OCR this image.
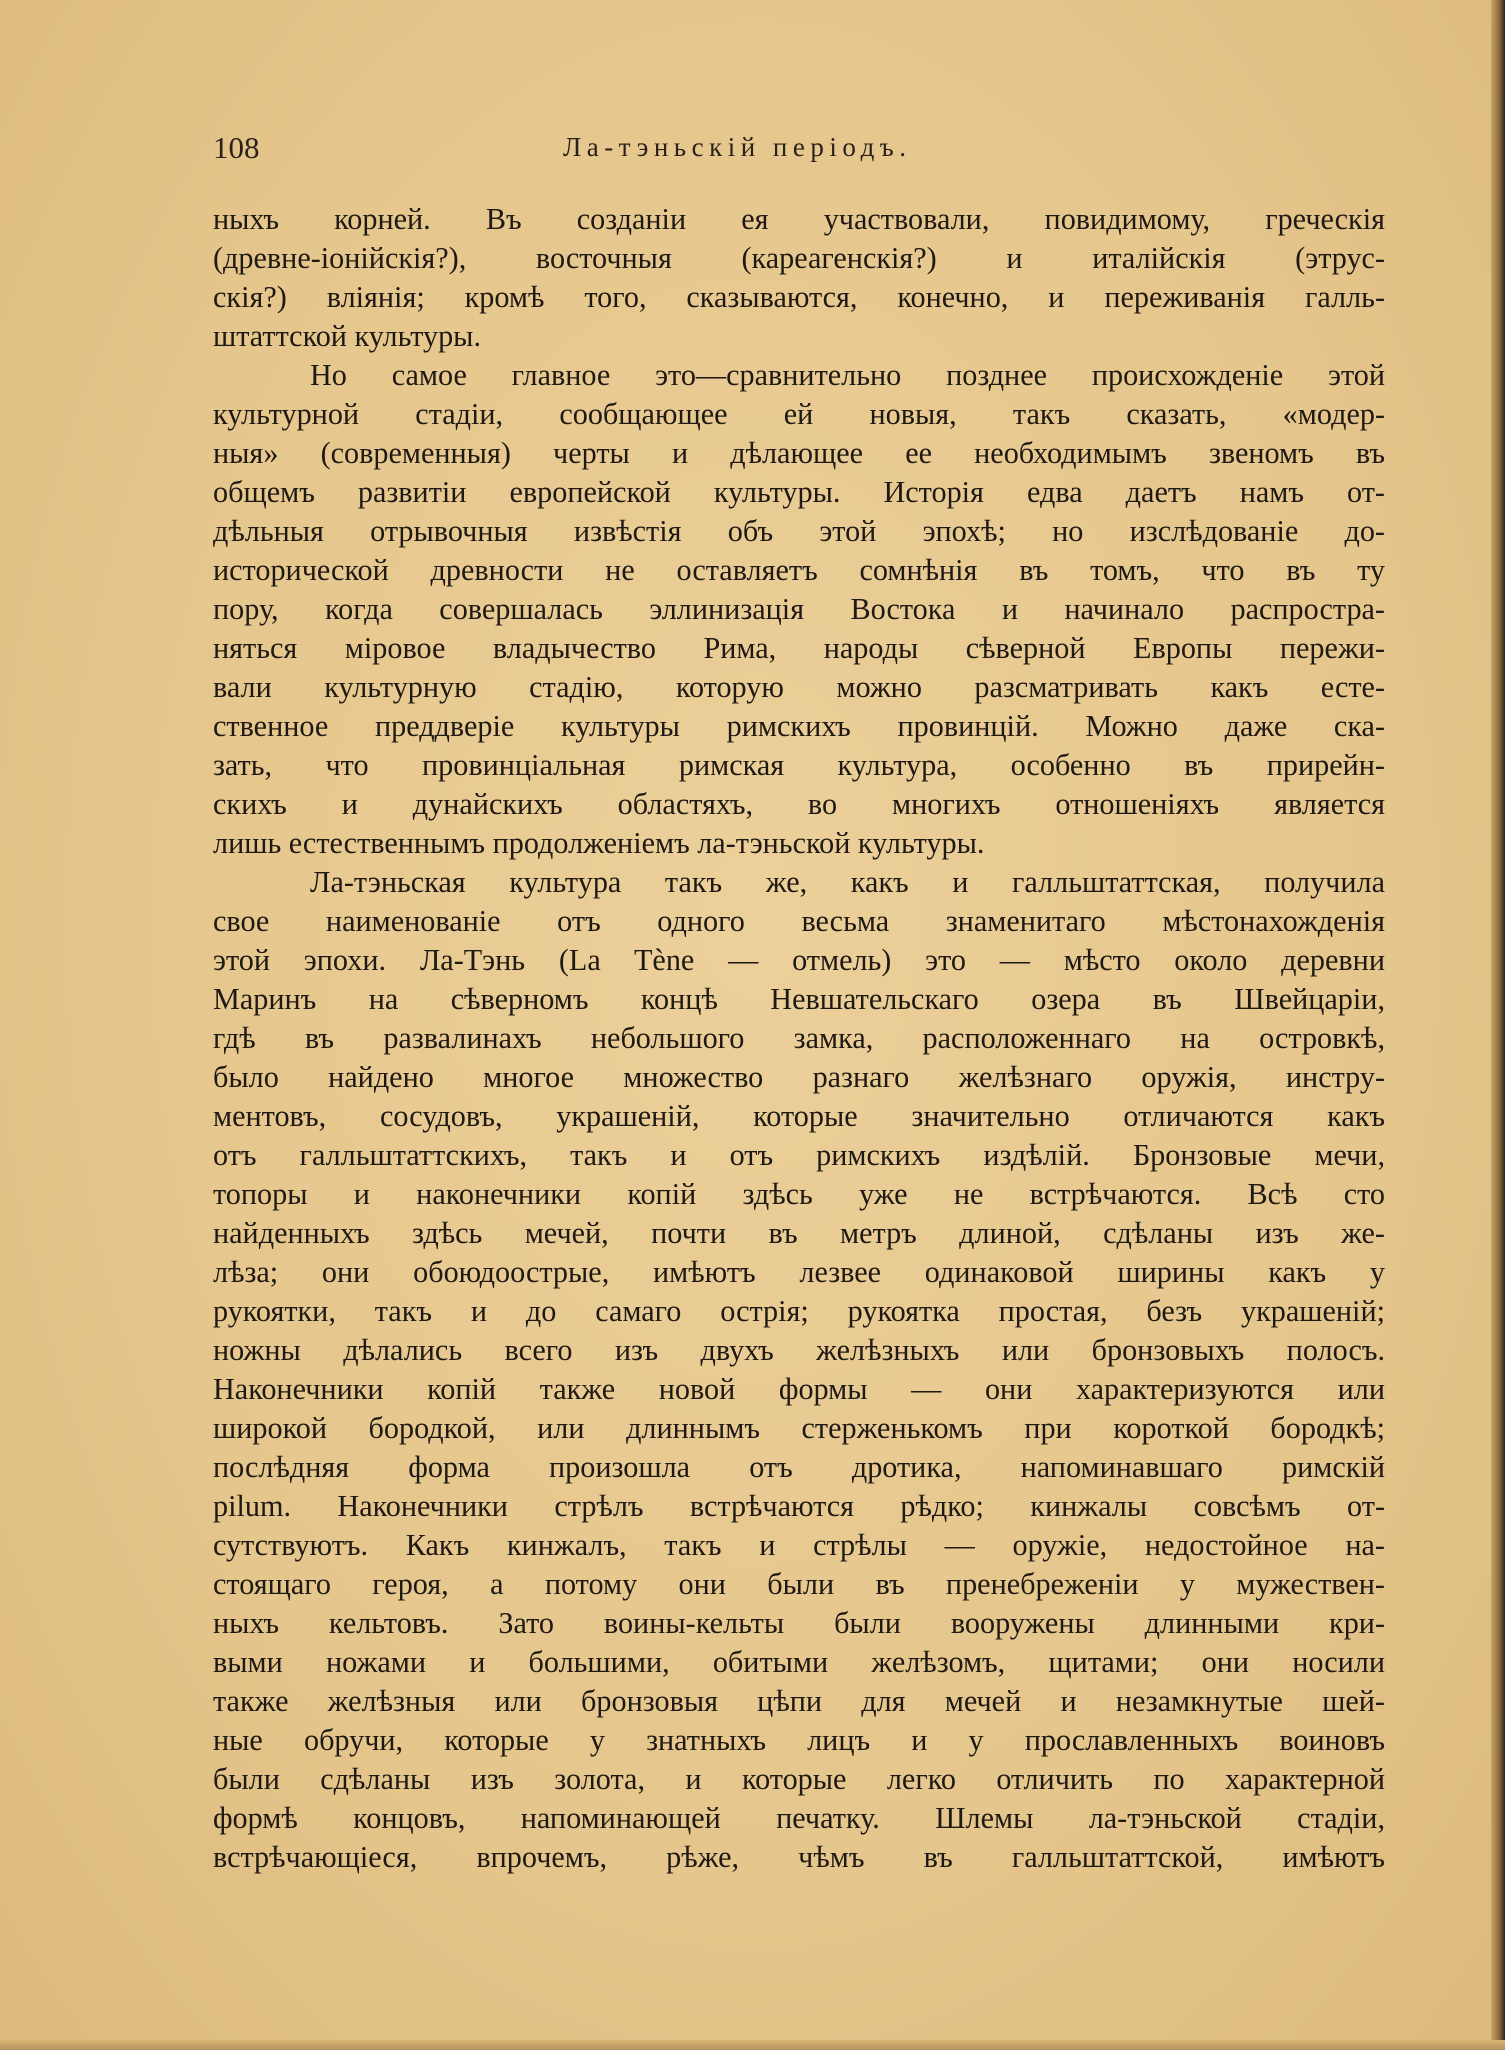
108	Ла-тэньскій періодъ.
ныхъ корней. Въ созданіи ея участвовали, повидимому, греческія
(древне-іонійскія?), восточныя (кареагенскія?) и италійскія (этрус-
скія?) вліянія; кромѣ того, сказываются, конечно, и переживанія галль-
штаттской культуры.
Но самое главное это—сравнительно позднее происхожденіе этой
культурной стадіи, сообщающее ей новыя, такъ сказать, «модер-
ныя» (современныя) черты и дѣлающее ее необходимымъ звеномъ въ
общемъ развитіи европейской культуры. Исторія едва даетъ намъ от-
дѣльныя отрывочныя извѣстія объ этой эпохѣ; но изслѣдованіе до-
исторической древности не оставляетъ сомнѣнія въ томъ, что въ ту
пору, когда совершалась эллинизація Востока и начинало распростра-
няться міровое владычество Рима, народы сѣверной Европы пережи-
вали культурную стадію, которую можно разсматривать какъ есте-
ственное преддверіе культуры римскихъ провинцій. Можно даже ска-
зать, что провинціальная римская культура, особенно въ прирейн-
скихъ и дунайскихъ областяхъ, во многихъ отношеніяхъ является
лишь естественнымъ продолженіемъ ла-тэньской культуры.
Ла-тэньская культура такъ же, какъ и галльштаттская, получила
свое наименованіе отъ одного весьма знаменитаго мѣстонахожденія
этой эпохи. Ла-Тэнь (La Tène — отмель) это — мѣсто около деревни
Маринъ на сѣверномъ концѣ Невшательскаго озера въ Швейцаріи,
гдѣ въ развалинахъ небольшого замка, расположеннаго на островкѣ,
было найдено многое множество разнаго желѣзнаго оружія, инстру-
ментовъ, сосудовъ, украшеній, которые значительно отличаются какъ
отъ галльштаттскихъ, такъ и отъ римскихъ издѣлій. Бронзовые мечи,
топоры и наконечники копій здѣсь уже не встрѣчаются. Всѣ сто
найденныхъ здѣсь мечей, почти въ метръ длиной, сдѣланы изъ же-
лѣза; они обоюдоострые, имѣютъ лезвее одинаковой ширины какъ у
рукоятки, такъ и до самаго острія; рукоятка простая, безъ украшеній;
ножны дѣлались всего изъ двухъ желѣзныхъ или бронзовыхъ полосъ.
Наконечники копій также новой формы — они характеризуются или
широкой бородкой, или длиннымъ стерженькомъ при короткой бородкѣ;
послѣдняя форма произошла отъ дротика, напоминавшаго римскій
pilum. Наконечники стрѣлъ встрѣчаются рѣдко; кинжалы совсѣмъ от-
сутствуютъ. Какъ кинжалъ, такъ и стрѣлы — оружіе, недостойное на-
стоящаго героя, а потому они были въ пренебреженіи у мужествен-
ныхъ кельтовъ. Зато воины-кельты были вооружены длинными кри-
выми ножами и большими, обитыми желѣзомъ, щитами; они носили
также желѣзныя или бронзовыя цѣпи для мечей и незамкнутые шей-
ные обручи, которые у знатныхъ лицъ и у прославленныхъ воиновъ
были сдѣланы изъ золота, и которые легко отличить по характерной
формѣ концовъ, напоминающей печатку. Шлемы ла-тэньской стадіи,
встрѣчающіеся, впрочемъ, рѣже, чѣмъ въ галльштаттской, имѣютъ
